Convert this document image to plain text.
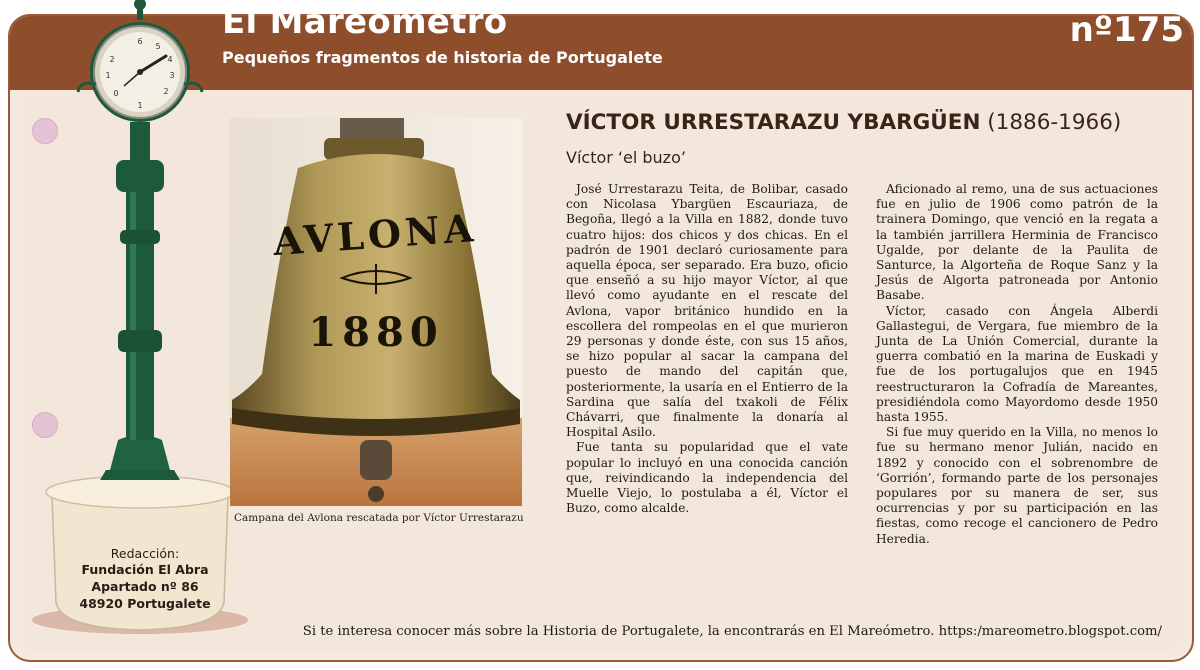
El Mareómetro
Pequeños fragmentos de historia de Portugalete
nº175
6
5
4
3
2
1
0
1
2
Redacción:
Fundación El Abra
Apartado nº 86
48920 Portugalete
AVLONA
1880
Campana del Avlona rescatada por Víctor Urrestarazu
VÍCTOR URRESTARAZU YBARGÜEN (1886-1966)
Víctor ‘el buzo’

José Urrestarazu Teita, de Bolibar, casado con Nicolasa Ybargüen Escauriaza, de Begoña, llegó a la Villa en 1882, donde tuvo cuatro hijos: dos chicos y dos chicas. En el padrón de 1901 declaró curiosamente para aquella época, ser separado. Era buzo, oficio que enseñó a su hijo mayor Víctor, al que llevó como ayudante en el rescate del Avlona, vapor británico hundido en la escollera del rompeolas en el que murieron 29 personas y donde éste, con sus 15 años, se hizo popular al sacar la campana del puesto de mando del capitán que, posteriormente, la usaría en el Entierro de la Sardina que salía del txakoli de Félix Chávarri, que finalmente la donaría al Hospital Asilo.

Fue tanta su popularidad que el vate popular lo incluyó en una conocida canción que, reivindicando la independencia del Muelle Viejo, lo postulaba a él, Víctor el Buzo, como alcalde.

Aficionado al remo, una de sus actuaciones fue en julio de 1906 como patrón de la trainera Domingo, que venció en la regata a la también jarrillera Herminia de Francisco Ugalde, por delante de la Paulita de Santurce, la Algorteña de Roque Sanz y la Jesús de Algorta patroneada por Antonio Basabe.

Víctor, casado con Ángela Alberdi Gallastegui, de Vergara, fue miembro de la Junta de La Unión Comercial, durante la guerra combatió en la marina de Euskadi y fue de los portugalujos que en 1945 reestructuraron la Cofradía de Mareantes, presidiéndola como Mayordomo desde 1950 hasta 1955.

Si fue muy querido en la Villa, no menos lo fue su hermano menor Julián, nacido en 1892 y conocido con el sobrenombre de ‘Gorrión’, formando parte de los personajes populares por su manera de ser, sus ocurrencias y por su participación en las fiestas, como recoge el cancionero de Pedro Heredia.

Si te interesa conocer más sobre la Historia de Portugalete, la encontrarás en El Mareómetro. https:/mareometro.blogspot.com/
